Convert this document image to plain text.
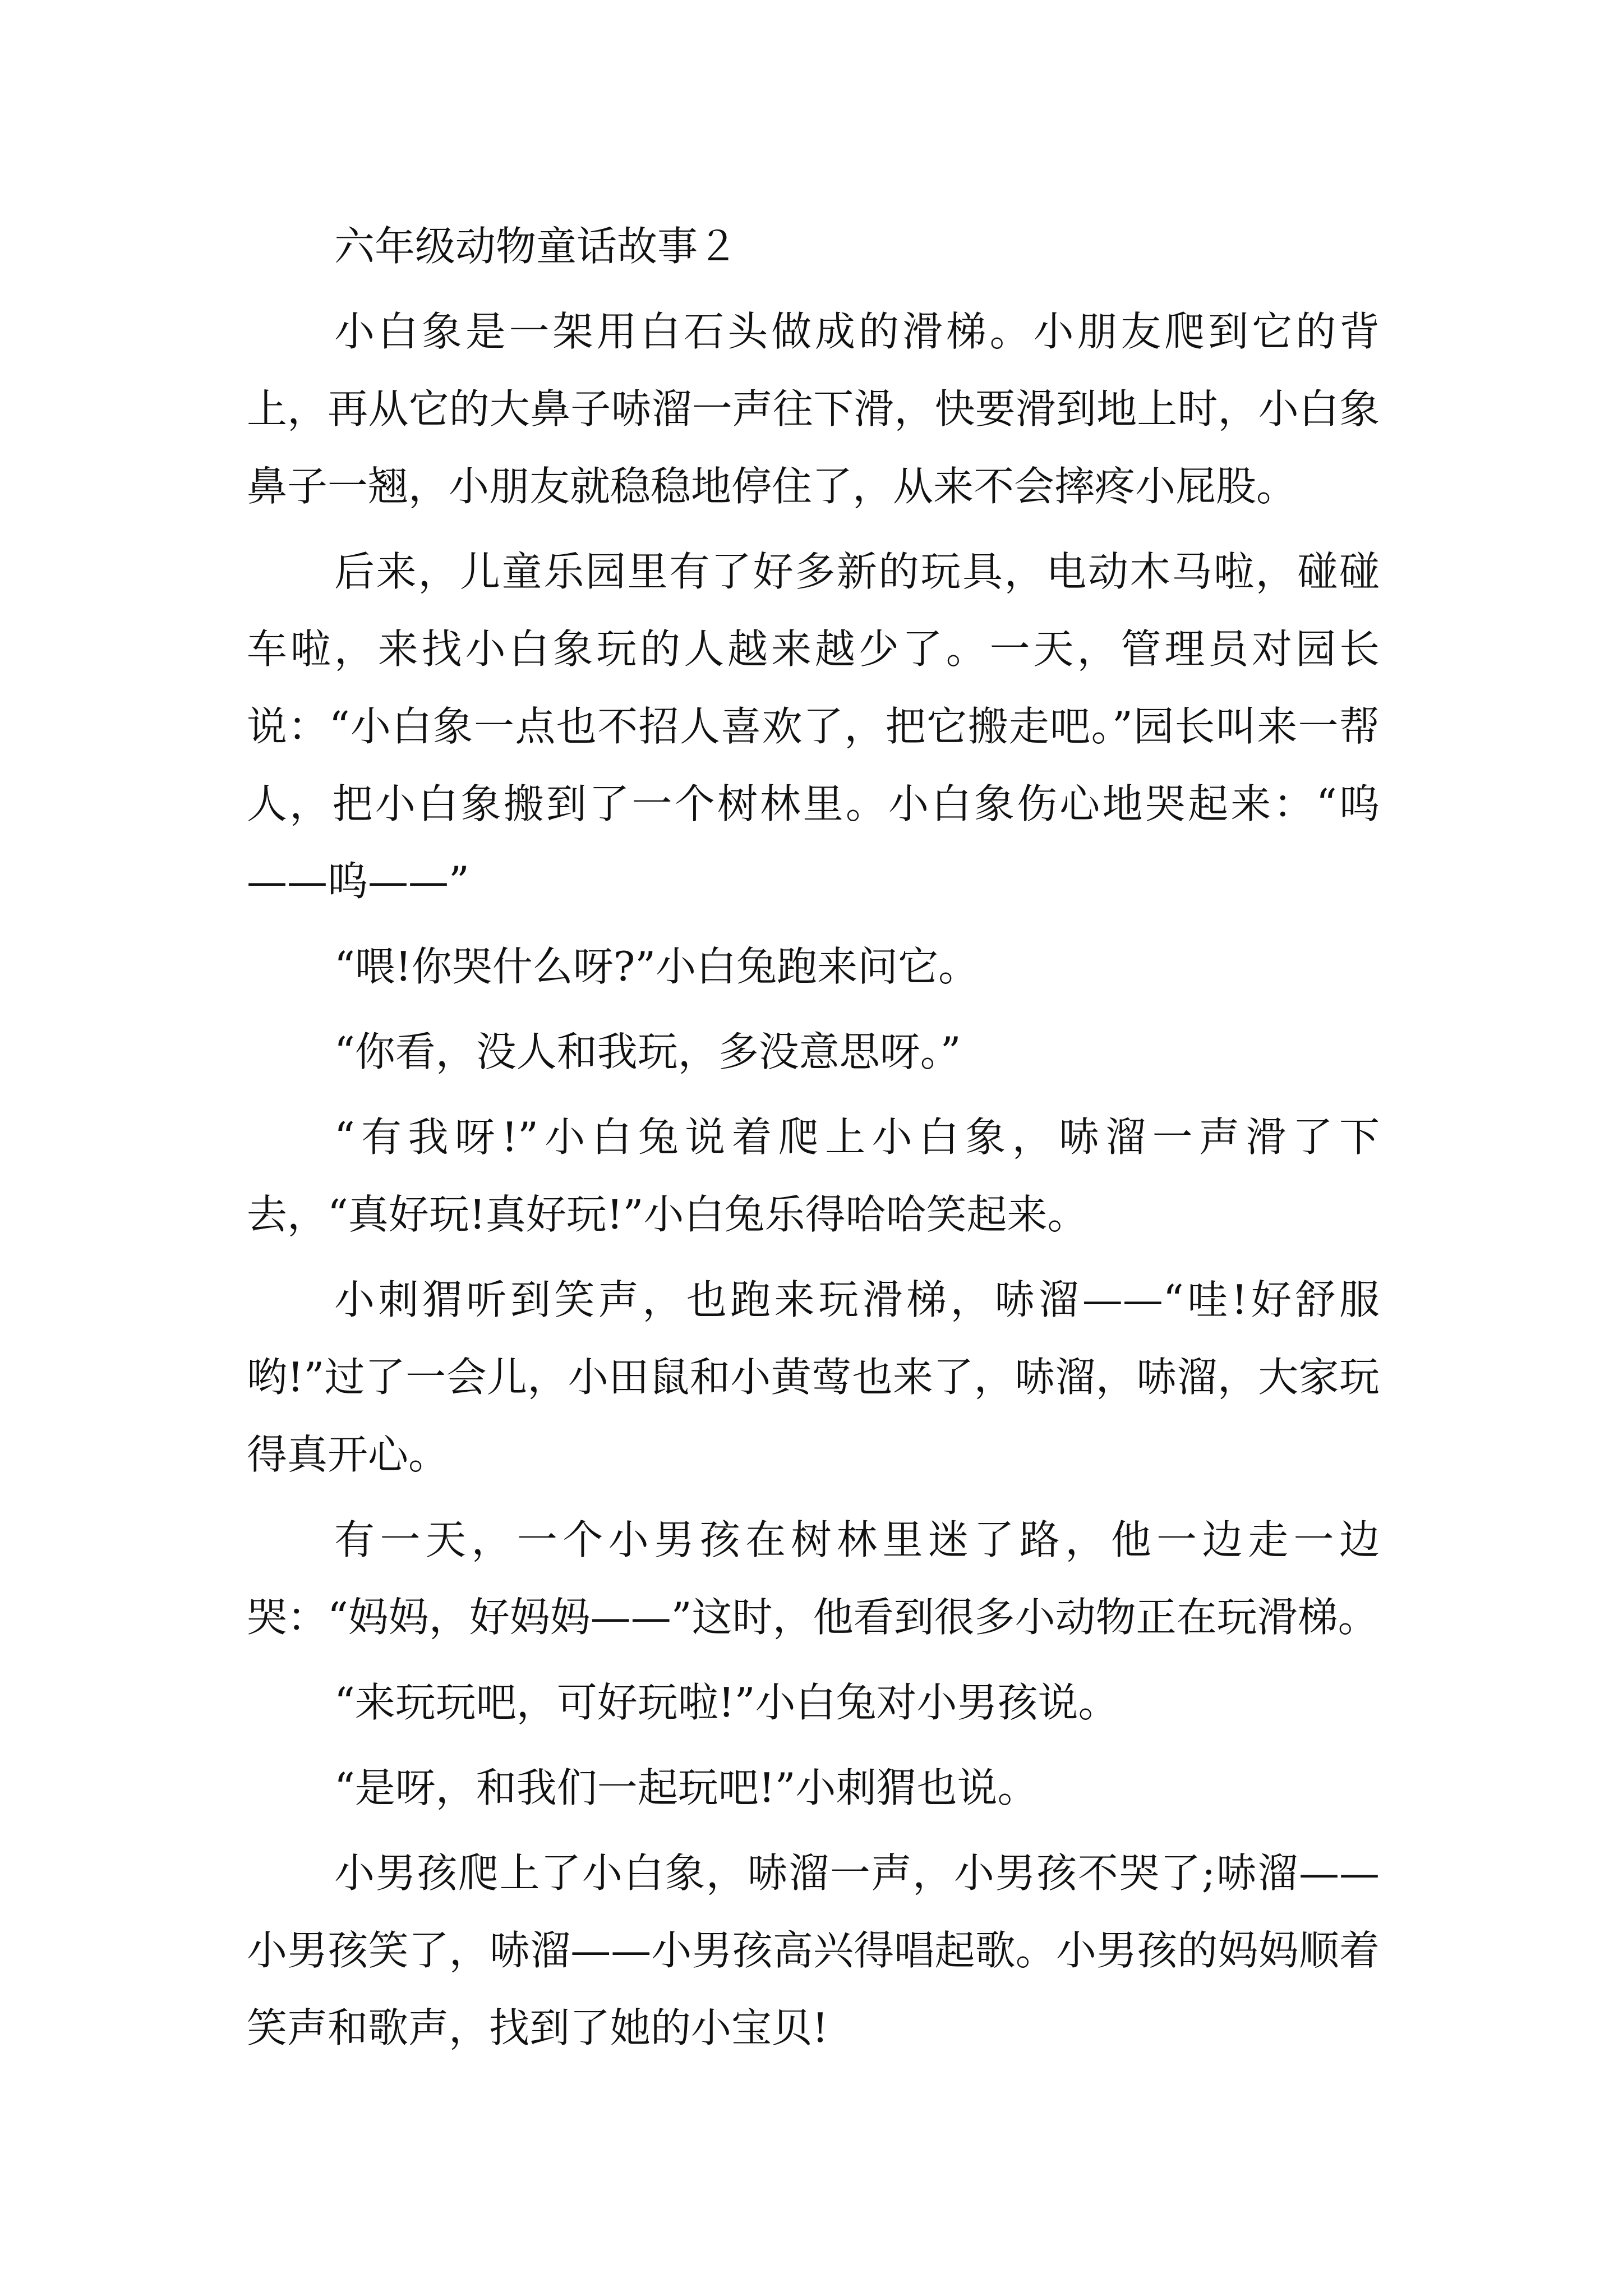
六年级动物童话故事２

小白象是一架用白石头做成的滑梯。小朋友爬到它的背上，再从它的大鼻子哧溜一声往下滑，快要滑到地上时，小白象鼻子一翘，小朋友就稳稳地停住了，从来不会摔疼小屁股。

后来，儿童乐园里有了好多新的玩具，电动木马啦，碰碰车啦，来找小白象玩的人越来越少了。一天，管理员对园长说：“小白象一点也不招人喜欢了，把它搬走吧。”园长叫来一帮人，把小白象搬到了一个树林里。小白象伤心地哭起来：“呜——呜——”

“喂!你哭什么呀?”小白兔跑来问它。

“你看，没人和我玩，多没意思呀。”

“有我呀!”小白兔说着爬上小白象，哧溜一声滑了下去，“真好玩!真好玩!”小白兔乐得哈哈笑起来。

小刺猬听到笑声，也跑来玩滑梯，哧溜——“哇!好舒服哟!”过了一会儿，小田鼠和小黄莺也来了，哧溜，哧溜，大家玩得真开心。

有一天，一个小男孩在树林里迷了路，他一边走一边哭：“妈妈，好妈妈——”这时，他看到很多小动物正在玩滑梯。

“来玩玩吧，可好玩啦!”小白兔对小男孩说。

“是呀，和我们一起玩吧!”小刺猬也说。

小男孩爬上了小白象，哧溜一声，小男孩不哭了;哧溜——小男孩笑了，哧溜——小男孩高兴得唱起歌。小男孩的妈妈顺着笑声和歌声，找到了她的小宝贝!
